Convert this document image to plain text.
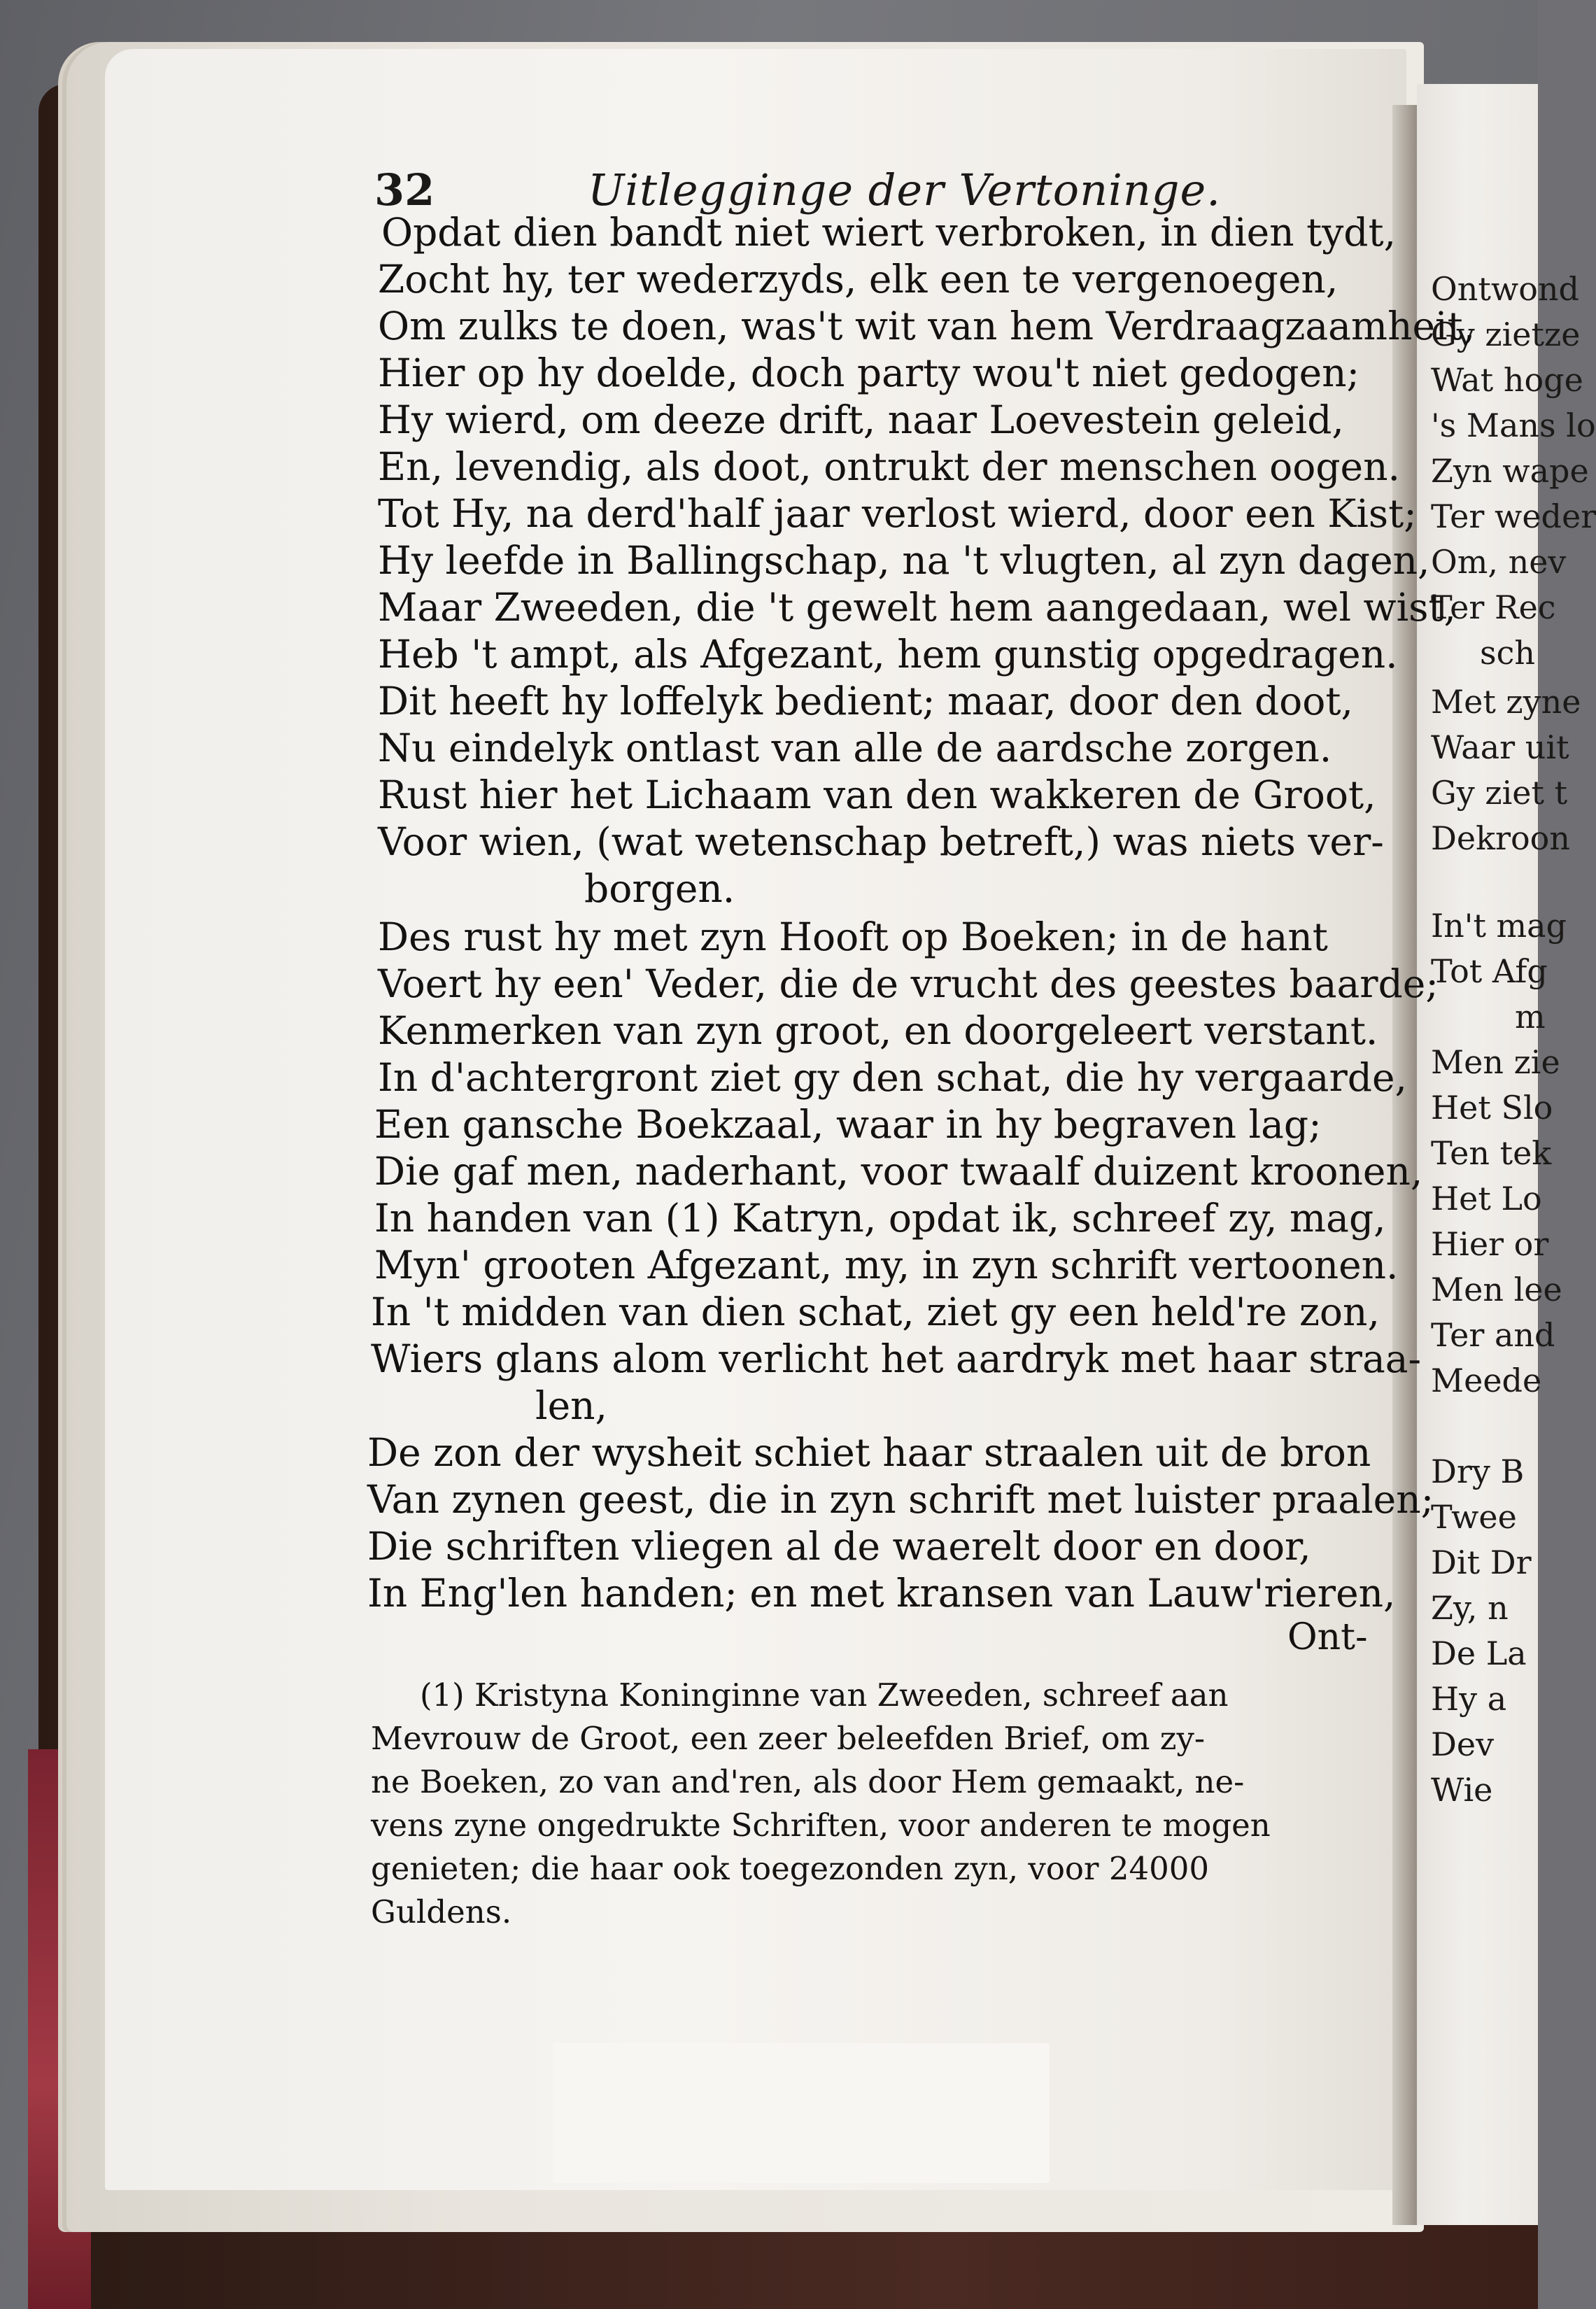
Ontwond
Gy zietze
Wat hoge
's Mans lo
Zyn wape
Ter weder
Om, nev
Ter Rec
sch
Met zyne
Waar uit
Gy ziet t
Dekroon
In't mag
Tot Afg
m
Men zie
Het Slo
Ten tek
Het Lo
Hier or
Men lee
Ter and
Meede
Dry B
Twee
Dit Dr
Zy, n
De La
Hy a
Dev
Wie
32	Uitlegginge der Vertoninge.
Opdat dien bandt niet wiert verbroken, in dien tydt,
Zocht hy, ter wederzyds, elk een te vergenoegen,
Om zulks te doen, was't wit van hem Verdraagzaamheit,
Hier op hy doelde, doch party wou't niet gedogen;
Hy wierd, om deeze drift, naar Loevestein geleid,
En, levendig, als doot, ontrukt der menschen oogen.
Tot Hy, na derd'half jaar verlost wierd, door een Kist;
Hy leefde in Ballingschap, na 't vlugten, al zyn dagen,
Maar Zweeden, die 't gewelt hem aangedaan, wel wist,
Heb 't ampt, als Afgezant, hem gunstig opgedragen.
Dit heeft hy loffelyk bedient; maar, door den doot,
Nu eindelyk ontlast van alle de aardsche zorgen.
Rust hier het Lichaam van den wakkeren de Groot,
Voor wien, (wat wetenschap betreft,) was niets ver-
borgen.
Des rust hy met zyn Hooft op Boeken; in de hant
Voert hy een' Veder, die de vrucht des geestes baarde;
Kenmerken van zyn groot, en doorgeleert verstant.
In d'achtergront ziet gy den schat, die hy vergaarde,
Een gansche Boekzaal, waar in hy begraven lag;
Die gaf men, naderhant, voor twaalf duizent kroonen,
In handen van (1) Katryn, opdat ik, schreef zy, mag,
Myn' grooten Afgezant, my, in zyn schrift vertoonen.
In 't midden van dien schat, ziet gy een held're zon,
Wiers glans alom verlicht het aardryk met haar straa-
len,
De zon der wysheit schiet haar straalen uit de bron
Van zynen geest, die in zyn schrift met luister praalen;
Die schriften vliegen al de waerelt door en door,
In Eng'len handen; en met kransen van Lauw'rieren,
Ont-
(1) Kristyna Koninginne van Zweeden, schreef aan
Mevrouw de Groot, een zeer beleefden Brief, om zy-
ne Boeken, zo van and'ren, als door Hem gemaakt, ne-
vens zyne ongedrukte Schriften, voor anderen te mogen
genieten; die haar ook toegezonden zyn, voor 24000
Guldens.
